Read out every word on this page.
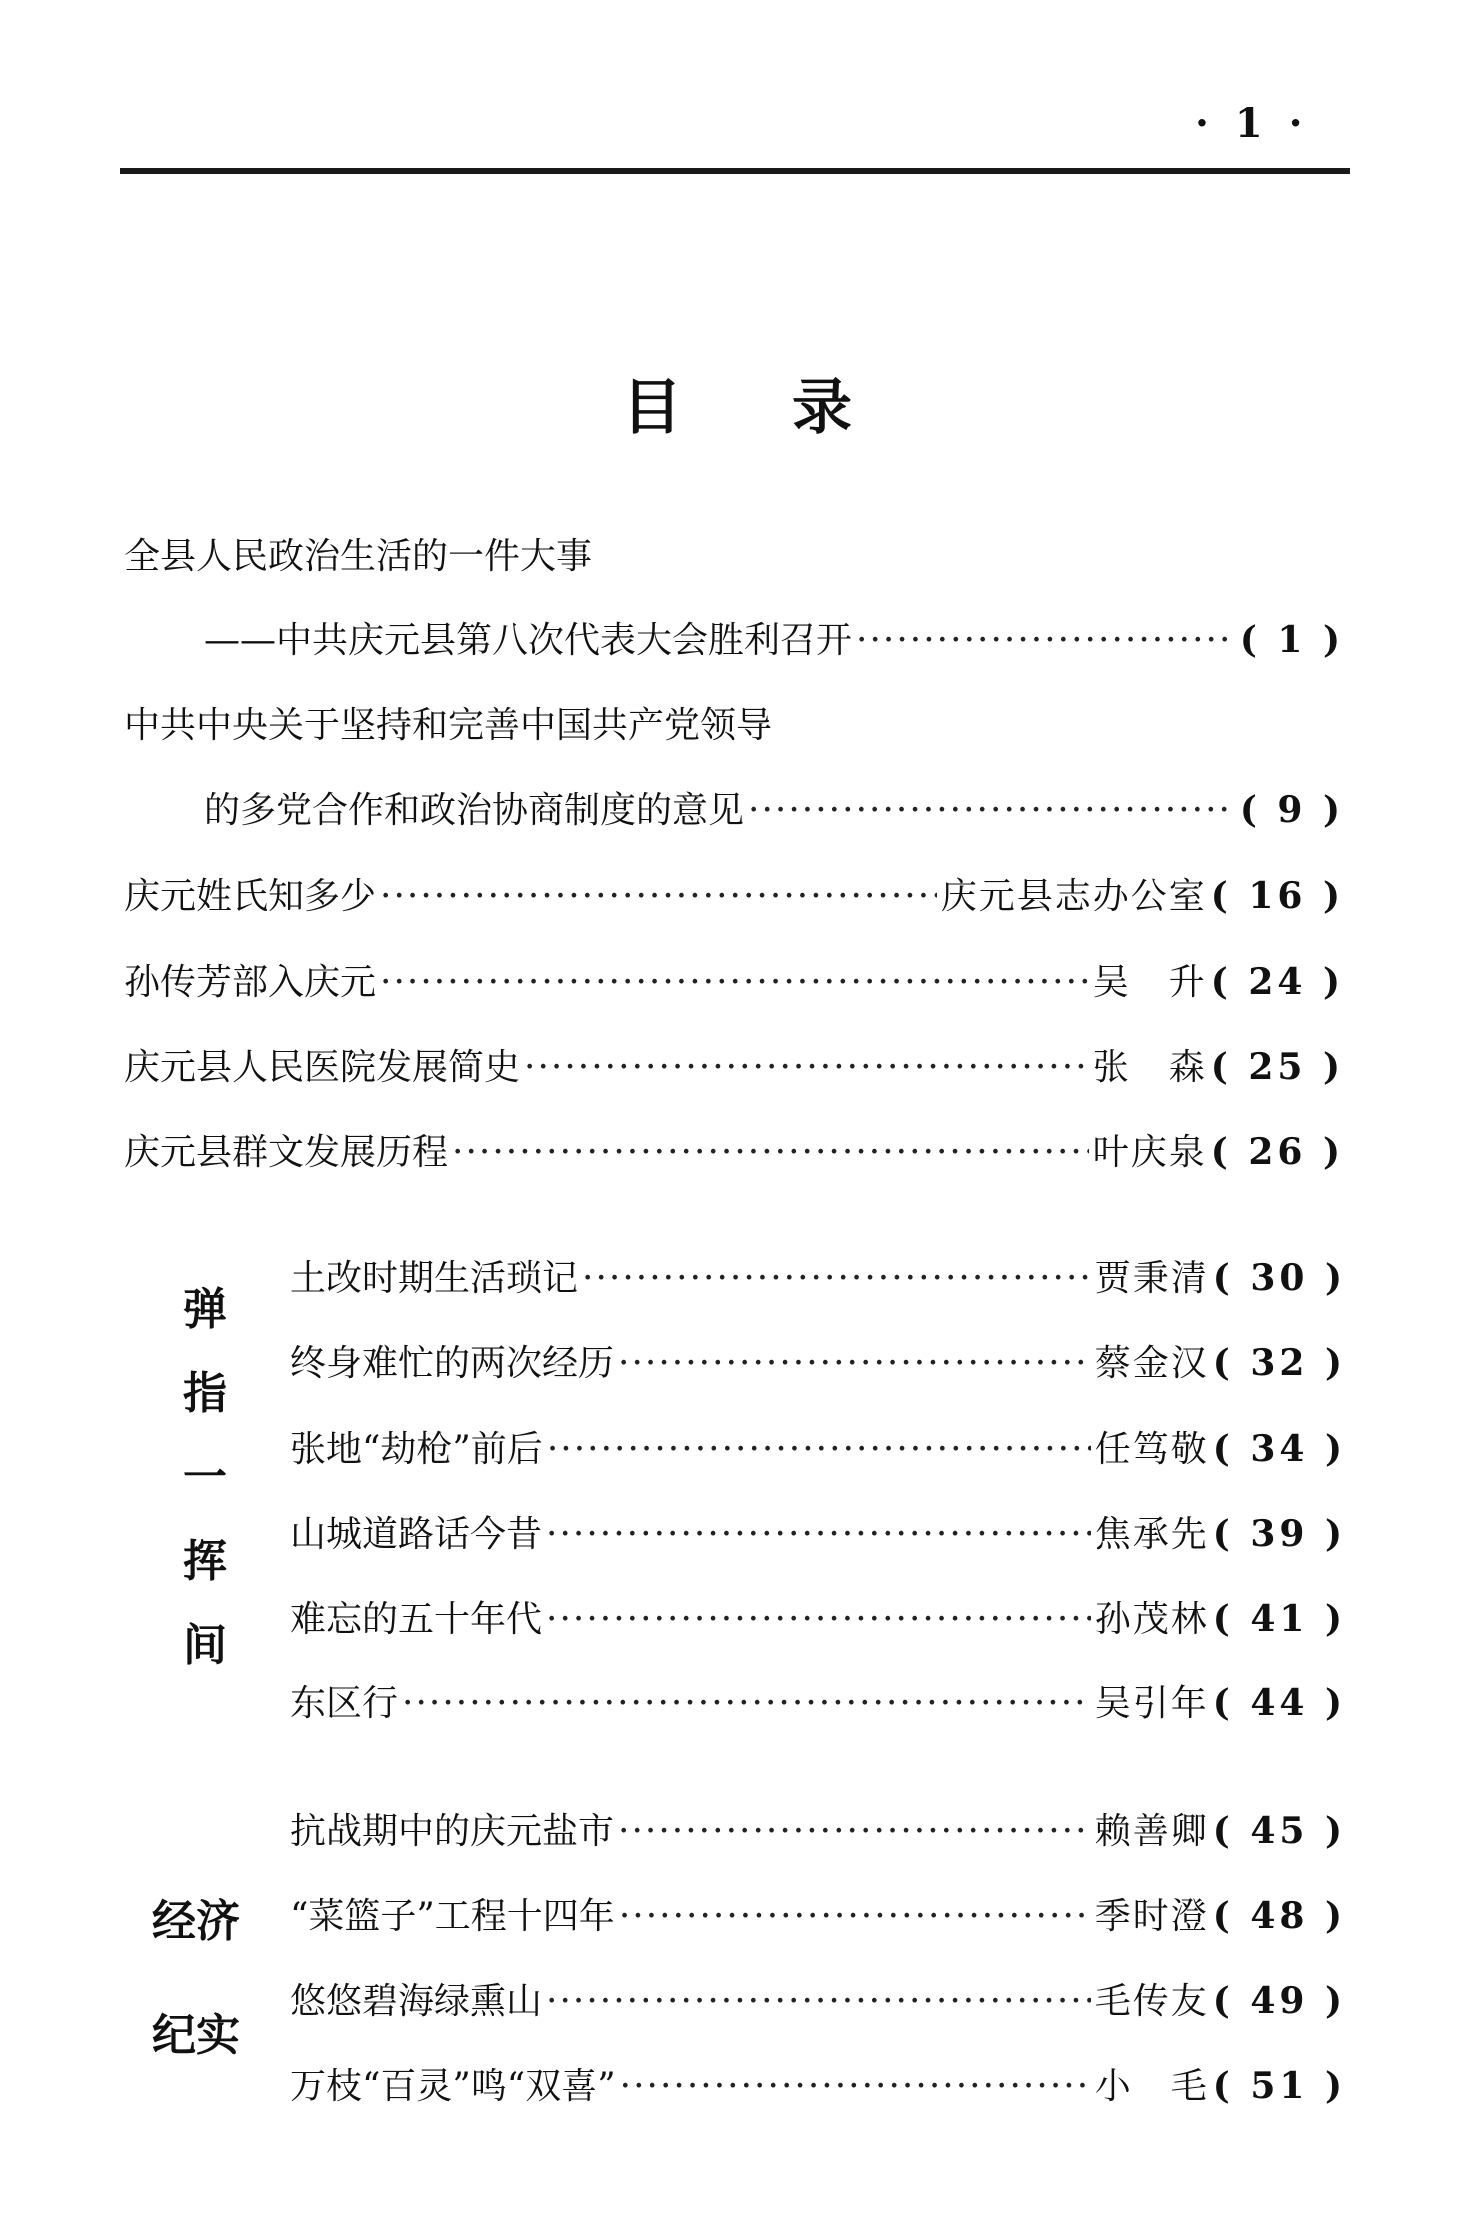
· 1 ·
目 录
全县人民政治生活的一件大事
——中共庆元县第八次代表大会胜利召开 ·····	( 1 )
中共中央关于坚持和完善中国共产党领导
的多党合作和政治协商制度的意见 ·····	( 9 )
庆元姓氏知多少 ·····	庆元县志办公室 ( 16 )
孙传芳部入庆元 ·····	吴　升 ( 24 )
庆元县人民医院发展简史 ·····	张　森 ( 25 )
庆元县群文发展历程 ·····	叶庆泉 ( 26 )
弹
指
一
挥
间
土改时期生活琐记 ·····	贾秉清 ( 30 )
终身难忙的两次经历 ·····	蔡金汉 ( 32 )
张地“劫枪”前后 ·····	任笃敬 ( 34 )
山城道路话今昔 ·····	焦承先 ( 39 )
难忘的五十年代 ·····	孙茂林 ( 41 )
东区行 ·····	吴引年 ( 44 )
经济
纪实
抗战期中的庆元盐市 ·····	赖善卿 ( 45 )
“菜篮子”工程十四年 ·····	季时澄 ( 48 )
悠悠碧海绿熏山 ·····	毛传友 ( 49 )
万枝“百灵”鸣“双喜” ·····	小　毛 ( 51 )
